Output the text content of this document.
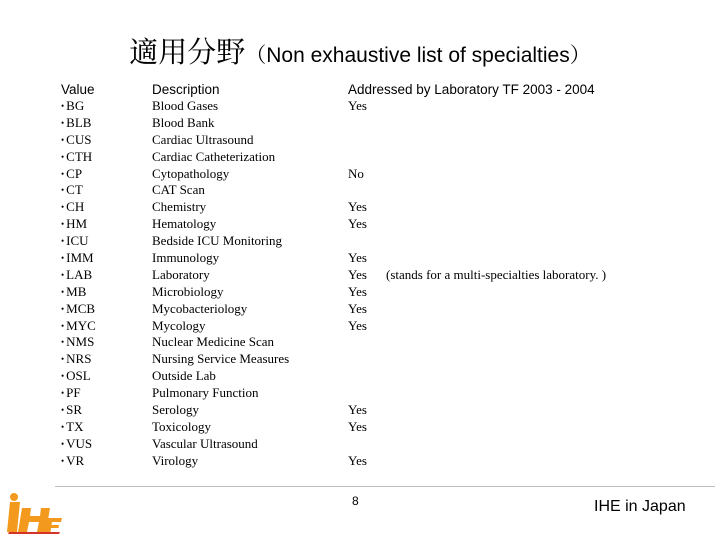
適用分野（Non exhaustive list of specialties）
Value	Description	Addressed by Laboratory TF 2003 - 2004
• BG	Blood Gases	Yes
• BLB	Blood Bank
• CUS	Cardiac Ultrasound
• CTH	Cardiac Catheterization
• CP	Cytopathology	No
• CT	CAT Scan
• CH	Chemistry	Yes
• HM	Hematology	Yes
• ICU	Bedside ICU Monitoring
• IMM	Immunology	Yes
• LAB	Laboratory	Yes (stands for a multi-specialties laboratory. )
• MB	Microbiology	Yes
• MCB	Mycobacteriology	Yes
• MYC	Mycology	Yes
• NMS	Nuclear Medicine Scan
• NRS	Nursing Service Measures
• OSL	Outside Lab
• PF	Pulmonary Function
• SR	Serology	Yes
• TX	Toxicology	Yes
• VUS	Vascular Ultrasound
• VR	Virology	Yes
IHE
8	IHE in Japan
